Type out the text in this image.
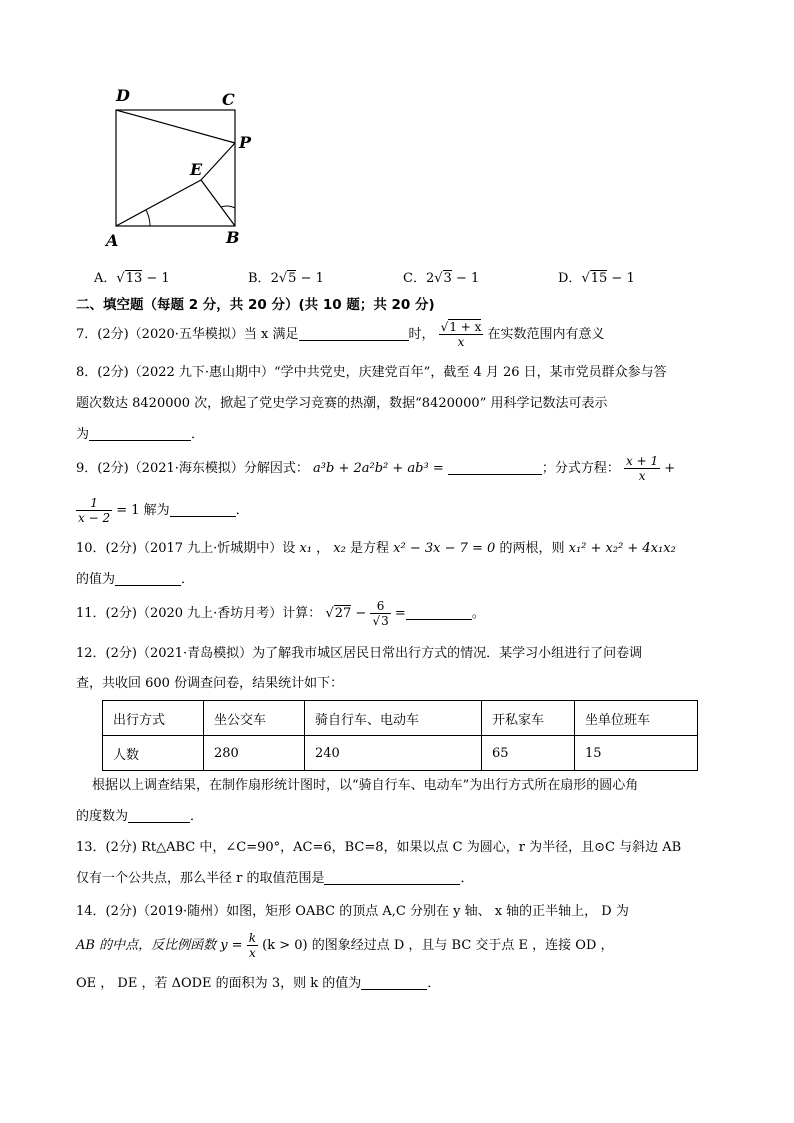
D	C
P
E
A	B
A．√13 − 1	B．2√5 − 1	C．2√3 − 1	D．√15 − 1
二、填空题（每题 2 分，共 20 分）(共 10 题；共 20 分)
7．(2分)（2020·五华模拟）当 x 满足	时， $\frac{√1 + x}{x}$ 在实数范围内有意义
8．(2分)（2022 九下·惠山期中）“学中共党史，庆建党百年”，截至 4 月 26 日，某市党员群众参与答
题次数达 8420000 次，掀起了党史学习竞赛的热潮，数据“8420000” 用科学记数法可表示
为	．
9．(2分)（2021·海东模拟）分解因式： a³b + 2a²b² + ab³ =	；分式方程： $\frac{x + 1}{x}$ +
$\frac{1}{x - 2} = 1$ 解为	．
10．(2分)（2017 九上·忻城期中）设 x₁ ， x₂ 是方程 x² − 3x − 7 = 0 的两根，则 x₁² + x₂² + 4x₁x₂
的值为	．
11．(2分)（2020 九上·香坊月考）计算： $√27 - \frac{6}{√3}$ =	。
12．(2分)（2021·青岛模拟）为了解我市城区居民日常出行方式的情况．某学习小组进行了问卷调
查，共收回 600 份调查问卷，结果统计如下：
出行方式	坐公交车	骑自行车、电动车	开私家车	坐单位班车
人数	280	240	65	15
根据以上调查结果，在制作扇形统计图时，以“骑自行车、电动车”为出行方式所在扇形的圆心角
的度数为	．
13．(2分) Rt△ABC 中，∠C=90°，AC=6，BC=8，如果以点 C 为圆心，r 为半径，且⊙C 与斜边 AB
仅有一个公共点，那么半径 r 的取值范围是	．
14．(2分)（2019·随州）如图，矩形 OABC 的顶点 A,C 分别在 y 轴、 x 轴的正半轴上， D 为
AB 的中点，反比例函数 $y = \frac{k}{x} (k > 0)$ 的图象经过点 D ，且与 BC 交于点 E ，连接 OD ，
OE ， DE ，若 ΔODE 的面积为 3，则 k 的值为	．
